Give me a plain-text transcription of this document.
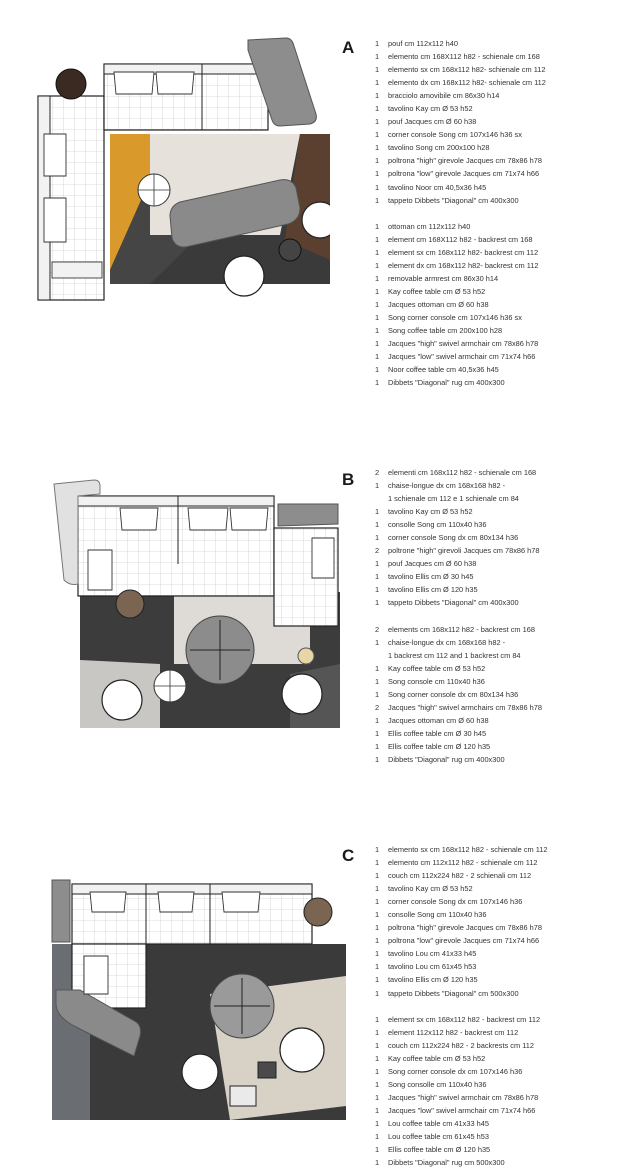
A	1 pouf cm 112x112 h40
1 elemento cm 168X112 h82 - schienale cm 168
1 elemento sx cm 168x112 h82- schienale cm 112
1 elemento dx cm 168x112 h82- schienale cm 112
1 bracciolo amovibile cm 86x30 h14
1 tavolino Kay cm Ø 53 h52
1 pouf Jacques cm Ø 60 h38
1 corner console Song cm 107x146 h36 sx
1 tavolino Song cm 200x100 h28
1 poltrona "high" girevole Jacques cm 78x86 h78
1 poltrona "low" girevole Jacques cm 71x74 h66
1 tavolino Noor cm 40,5x36 h45
1 tappeto Dibbets "Diagonal" cm 400x300
1 ottoman cm 112x112 h40
1 element cm 168X112 h82 - backrest cm 168
1 element sx cm 168x112 h82- backrest cm 112
1 element dx cm 168x112 h82- backrest cm 112
1 removable armrest cm 86x30 h14
1 Kay coffee table cm Ø 53 h52
1 Jacques ottoman cm Ø 60 h38
1 Song corner console cm 107x146 h36 sx
1 Song coffee table cm 200x100 h28
1 Jacques "high" swivel armchair cm 78x86 h78
1 Jacques "low" swivel armchair cm 71x74 h66
1 Noor coffee table cm 40,5x36 h45
1 Dibbets "Diagonal" rug cm 400x300
B	2 elementi cm 168x112 h82 - schienale cm 168
1 chaise-longue dx cm 168x168 h82 -
1 schienale cm 112 e 1 schienale cm 84
1 tavolino Kay cm Ø 53 h52
1 consolle Song cm 110x40 h36
1 corner console Song dx cm 80x134 h36
2 poltrone "high" girevoli Jacques cm 78x86 h78
1 pouf Jacques cm Ø 60 h38
1 tavolino Ellis cm Ø 30 h45
1 tavolino Ellis cm Ø 120 h35
1 tappeto Dibbets "Diagonal" cm 400x300
2 elements cm 168x112 h82 - backrest cm 168
1 chaise-longue dx cm 168x168 h82 -
1 backrest cm 112 and 1 backrest cm 84
1 Kay coffee table cm Ø 53 h52
1 Song console cm 110x40 h36
1 Song corner console dx cm 80x134 h36
2 Jacques "high" swivel armchairs cm 78x86 h78
1 Jacques ottoman cm Ø 60 h38
1 Ellis coffee table cm Ø 30 h45
1 Ellis coffee table cm Ø 120 h35
1 Dibbets "Diagonal" rug cm 400x300
C	1 elemento sx cm 168x112 h82 - schienale cm 112
1 elemento cm 112x112 h82 - schienale cm 112
1 couch cm 112x224 h82 - 2 schienali cm 112
1 tavolino Kay cm Ø 53 h52
1 corner console Song dx cm 107x146 h36
1 consolle Song cm 110x40 h36
1 poltrona "high" girevole Jacques cm 78x86 h78
1 poltrona "low" girevole Jacques cm 71x74 h66
1 tavolino Lou cm 41x33 h45
1 tavolino Lou cm 61x45 h53
1 tavolino Ellis cm Ø 120 h35
1 tappeto Dibbets "Diagonal" cm 500x300
1 element sx cm 168x112 h82 - backrest cm 112
1 element 112x112 h82 - backrest cm 112
1 couch cm 112x224 h82 - 2 backrests cm 112
1 Kay coffee table cm Ø 53 h52
1 Song corner console dx cm 107x146 h36
1 Song consolle cm 110x40 h36
1 Jacques "high" swivel armchair cm 78x86 h78
1 Jacques "low" swivel armchair cm 71x74 h66
1 Lou coffee table cm 41x33 h45
1 Lou coffee table cm 61x45 h53
1 Ellis coffee table cm Ø 120 h35
1 Dibbets "Diagonal" rug cm 500x300
